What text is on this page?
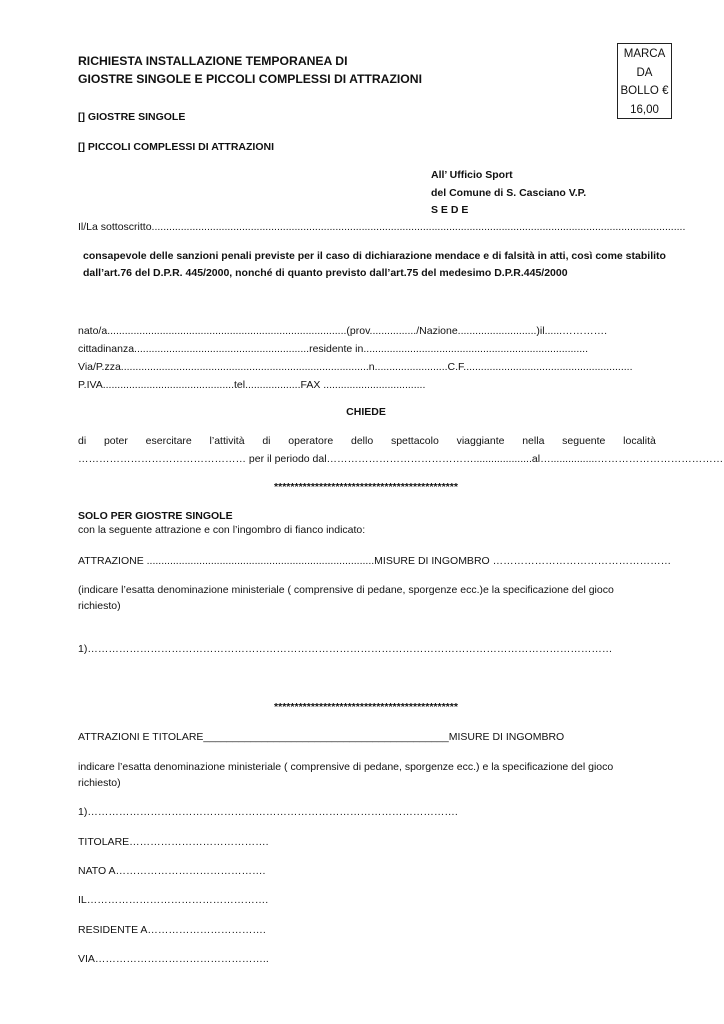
RICHIESTA INSTALLAZIONE TEMPORANEA DI
GIOSTRE SINGOLE E PICCOLI COMPLESSI DI ATTRAZIONI
MARCA
DA
BOLLO €
16,00
[] GIOSTRE SINGOLE
[] PICCOLI COMPLESSI DI ATTRAZIONI
All’ Ufficio Sport
del Comune di S. Casciano V.P.
S E D E
Il/La sottoscritto.......................................................................................................................................................................................
consapevole delle sanzioni penali previste per il caso di dichiarazione mendace e di falsità in atti, così come stabilito
dall’art.76 del D.P.R. 445/2000, nonché di quanto previsto dall’art.75 del medesimo D.P.R.445/2000
nato/a..................................................................................(prov................/Nazione...........................)il......………….
cittadinanza............................................................residente in.............................................................................
Via/P.zza.....................................................................................n.........................C.F..........................................................
P.IVA.............................................tel...................FAX ...................................
CHIEDE
di poter esercitare l’attività di operatore dello spettacolo viaggiante nella seguente località
………………………………………… per il periodo dal……………………………………....................al…................………………………………
*********************************************
SOLO PER GIOSTRE SINGOLE
con la seguente attrazione e con l’ingombro di fianco indicato:
ATTRAZIONE ..............................................................................MISURE DI INGOMBRO ……………………………………………
(indicare l’esatta denominazione ministeriale ( comprensive di pedane, sporgenze ecc.)e la specificazione del gioco
richiesto)
1)……………………………………………………………………………………………………………………………………
*********************************************
ATTRAZIONI E TITOLARE__________________________________________MISURE DI INGOMBRO
indicare l’esatta denominazione ministeriale ( comprensive di pedane, sporgenze ecc.) e la specificazione del gioco
richiesto)
1)…………………………………………………………………………………………….
TITOLARE………………………………….
NATO A…………………………………….
IL…………………………………………….
RESIDENTE A…………………………….
VIA…………………………………………..
